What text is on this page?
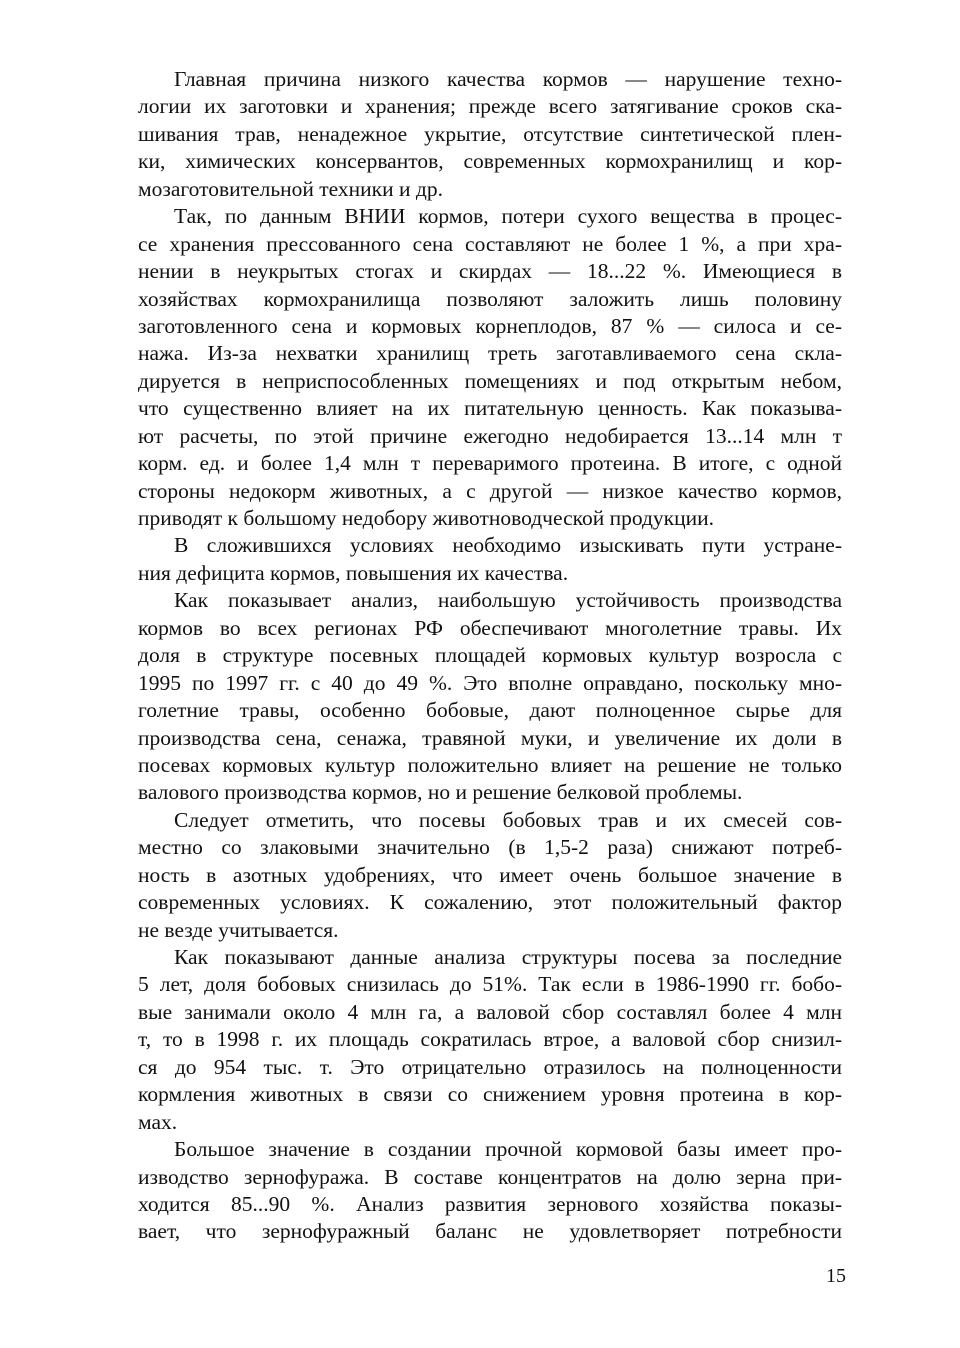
Главная причина низкого качества кормов — нарушение техно-
логии их заготовки и хранения; прежде всего затягивание сроков ска-
шивания трав, ненадежное укрытие, отсутствие синтетической плен-
ки, химических консервантов, современных кормохранилищ и кор-
мозаготовительной техники и др.
Так, по данным ВНИИ кормов, потери сухого вещества в процес-
се хранения прессованного сена составляют не более 1 %, а при хра-
нении в неукрытых стогах и скирдах — 18...22 %. Имеющиеся в
хозяйствах кормохранилища позволяют заложить лишь половину
заготовленного сена и кормовых корнеплодов, 87 % — силоса и се-
нажа. Из-за нехватки хранилищ треть заготавливаемого сена скла-
дируется в неприспособленных помещениях и под открытым небом,
что существенно влияет на их питательную ценность. Как показыва-
ют расчеты, по этой причине ежегодно недобирается 13...14 млн т
корм. ед. и более 1,4 млн т переваримого протеина. В итоге, с одной
стороны недокорм животных, а с другой — низкое качество кормов,
приводят к большому недобору животноводческой продукции.
В сложившихся условиях необходимо изыскивать пути устране-
ния дефицита кормов, повышения их качества.
Как показывает анализ, наибольшую устойчивость производства
кормов во всех регионах РФ обеспечивают многолетние травы. Их
доля в структуре посевных площадей кормовых культур возросла с
1995 по 1997 гг. с 40 до 49 %. Это вполне оправдано, поскольку мно-
голетние травы, особенно бобовые, дают полноценное сырье для
производства сена, сенажа, травяной муки, и увеличение их доли в
посевах кормовых культур положительно влияет на решение не только
валового производства кормов, но и решение белковой проблемы.
Следует отметить, что посевы бобовых трав и их смесей сов-
местно со злаковыми значительно (в 1,5-2 раза) снижают потреб-
ность в азотных удобрениях, что имеет очень большое значение в
современных условиях. К сожалению, этот положительный фактор
не везде учитывается.
Как показывают данные анализа структуры посева за последние
5 лет, доля бобовых снизилась до 51%. Так если в 1986-1990 гг. бобо-
вые занимали около 4 млн га, а валовой сбор составлял более 4 млн
т, то в 1998 г. их площадь сократилась втрое, а валовой сбор снизил-
ся до 954 тыс. т. Это отрицательно отразилось на полноценности
кормления животных в связи со снижением уровня протеина в кор-
мах.
Большое значение в создании прочной кормовой базы имеет про-
изводство зернофуража. В составе концентратов на долю зерна при-
ходится 85...90 %. Анализ развития зернового хозяйства показы-
вает, что зернофуражный баланс не удовлетворяет потребности
15
